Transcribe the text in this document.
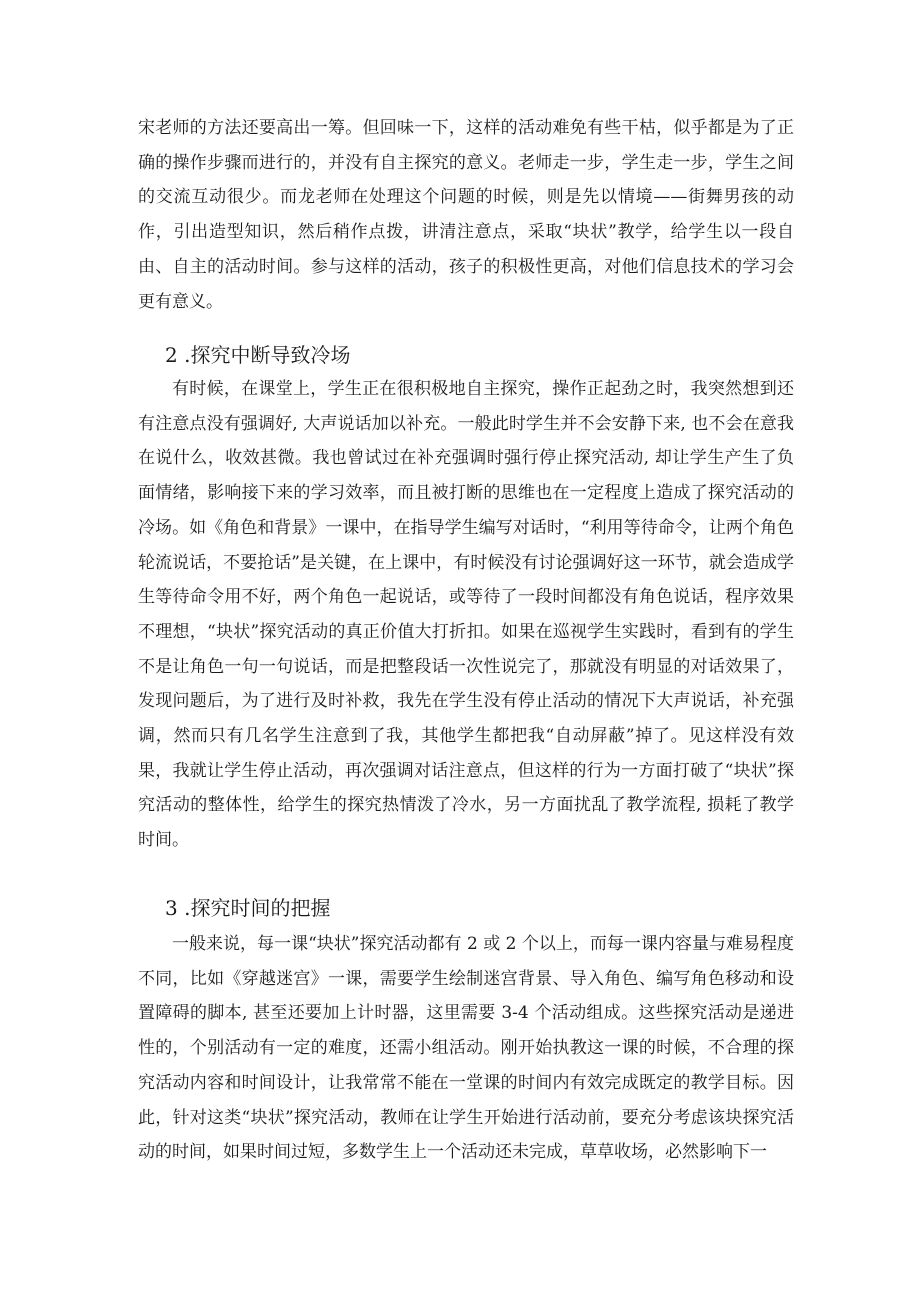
宋老师的方法还要高出一筹。但回味一下，这样的活动难免有些干枯，似乎都是为了正确的操作步骤而进行的，并没有自主探究的意义。老师走一步，学生走一步，学生之间的交流互动很少。而龙老师在处理这个问题的时候，则是先以情境——街舞男孩的动作，引出造型知识，然后稍作点拨，讲清注意点，采取“块状”教学，给学生以一段自由、自主的活动时间。参与这样的活动，孩子的积极性更高，对他们信息技术的学习会更有意义。

2 .探究中断导致冷场

有时候，在课堂上，学生正在很积极地自主探究，操作正起劲之时，我突然想到还有注意点没有强调好, 大声说话加以补充。一般此时学生并不会安静下来, 也不会在意我在说什么，收效甚微。我也曾试过在补充强调时强行停止探究活动, 却让学生产生了负面情绪，影响接下来的学习效率，而且被打断的思维也在一定程度上造成了探究活动的冷场。如《角色和背景》一课中，在指导学生编写对话时，“利用等待命令，让两个角色轮流说话，不要抢话”是关键，在上课中，有时候没有讨论强调好这一环节，就会造成学生等待命令用不好，两个角色一起说话，或等待了一段时间都没有角色说话，程序效果不理想，“块状”探究活动的真正价值大打折扣。如果在巡视学生实践时，看到有的学生不是让角色一句一句说话，而是把整段话一次性说完了，那就没有明显的对话效果了，发现问题后，为了进行及时补救，我先在学生没有停止活动的情况下大声说话，补充强调，然而只有几名学生注意到了我，其他学生都把我“自动屏蔽”掉了。见这样没有效果，我就让学生停止活动，再次强调对话注意点，但这样的行为一方面打破了“块状”探究活动的整体性，给学生的探究热情泼了冷水，另一方面扰乱了教学流程, 损耗了教学时间。

3 .探究时间的把握

一般来说，每一课“块状”探究活动都有 2 或 2 个以上，而每一课内容量与难易程度不同，比如《穿越迷宫》一课，需要学生绘制迷宫背景、导入角色、编写角色移动和设置障碍的脚本, 甚至还要加上计时器，这里需要 3-4 个活动组成。这些探究活动是递进性的，个别活动有一定的难度，还需小组活动。刚开始执教这一课的时候，不合理的探究活动内容和时间设计，让我常常不能在一堂课的时间内有效完成既定的教学目标。因此，针对这类“块状”探究活动，教师在让学生开始进行活动前，要充分考虑该块探究活动的时间，如果时间过短，多数学生上一个活动还未完成，草草收场，必然影响下一
